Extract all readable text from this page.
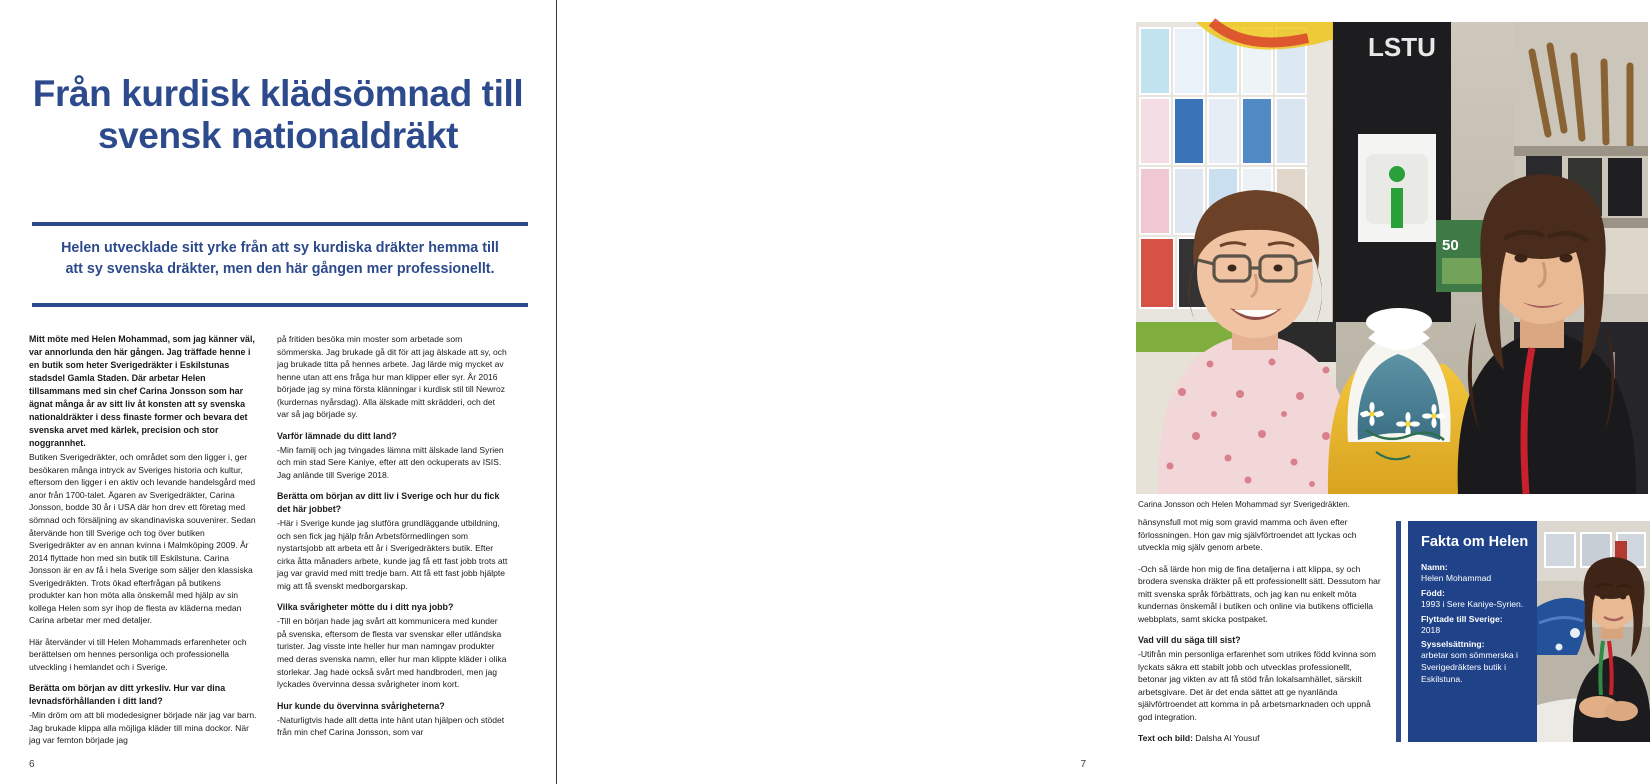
Från kurdisk klädsömnad till svensk nationaldräkt
Helen utvecklade sitt yrke från att sy kurdiska dräkter hemma till att sy svenska dräkter, men den här gången mer professionellt.

Mitt möte med Helen Mohammad, som jag känner väl, var annorlunda den här gången. Jag träffade henne i en butik som heter Sverigedräkter i Eskilstunas stadsdel Gamla Staden. Där arbetar Helen tillsammans med sin chef Carina Jonsson som har ägnat många år av sitt liv åt konsten att sy svenska nationaldräkter i dess finaste former och bevara det svenska arvet med kärlek, precision och stor noggrannhet.

Butiken Sverigedräkter, och området som den ligger i, ger besökaren många intryck av Sveriges historia och kultur, eftersom den ligger i en aktiv och levande handelsgård med anor från 1700-talet. Ägaren av Sverigedräkter, Carina Jonsson, bodde 30 år i USA där hon drev ett företag med sömnad och försäljning av skandinaviska souvenirer. Sedan återvände hon till Sverige och tog över butiken Sverigedräkter av en annan kvinna i Malmköping 2009. År 2014 flyttade hon med sin butik till Eskilstuna. Carina Jonsson är en av få i hela Sverige som säljer den klassiska Sverigedräkten. Trots ökad efterfrågan på butikens produkter kan hon möta alla önskemål med hjälp av sin kollega Helen som syr ihop de flesta av kläderna medan Carina arbetar mer med detaljer.

Här återvänder vi till Helen Mohammads erfarenheter och berättelsen om hennes personliga och professionella utveckling i hemlandet och i Sverige.

Berätta om början av ditt yrkesliv. Hur var dina levnadsförhållanden i ditt land?

-Min dröm om att bli modedesigner började när jag var barn. Jag brukade klippa alla möjliga kläder till mina dockor. När jag var femton började jag

på fritiden besöka min moster som arbetade som sömmerska. Jag brukade gå dit för att jag älskade att sy, och jag brukade titta på hennes arbete. Jag lärde mig mycket av henne utan att ens fråga hur man klipper eller syr. År 2016 började jag sy mina första klänningar i kurdisk stil till Newroz (kurdernas nyårsdag). Alla älskade mitt skrädderi, och det var så jag började sy.

Varför lämnade du ditt land?

-Min familj och jag tvingades lämna mitt älskade land Syrien och min stad Sere Kaniye, efter att den ockuperats av ISIS. Jag anlände till Sverige 2018.

Berätta om början av ditt liv i Sverige och hur du fick det här jobbet?

-Här i Sverige kunde jag slutföra grundläggande utbildning, och sen fick jag hjälp från Arbetsförmedlingen som nystartsjobb att arbeta ett år i Sverigedräkters butik. Efter cirka åtta månaders arbete, kunde jag få ett fast jobb trots att jag var gravid med mitt tredje barn. Att få ett fast jobb hjälpte mig att få svenskt medborgarskap.

Vilka svårigheter mötte du i ditt nya jobb?

-Till en början hade jag svårt att kommunicera med kunder på svenska, eftersom de flesta var svenskar eller utländska turister. Jag visste inte heller hur man namngav produkter med deras svenska namn, eller hur man klippte kläder i olika storlekar. Jag hade också svårt med handbroderi, men jag lyckades övervinna dessa svårigheter inom kort.

Hur kunde du övervinna svårigheterna?

-Naturligtvis hade allt detta inte hänt utan hjälpen och stödet från min chef Carina Jonsson, som var

6
LSTU
50
Carina Jonsson och Helen Mohammad syr Sverigedräkten.

hänsynsfull mot mig som gravid mamma och även efter förlossningen. Hon gav mig självförtroendet att lyckas och utveckla mig själv genom arbete.

-Och så lärde hon mig de fina detaljerna i att klippa, sy och brodera svenska dräkter på ett professionellt sätt. Dessutom har mitt svenska språk förbättrats, och jag kan nu enkelt möta kundernas önskemål i butiken och online via butikens officiella webbplats, samt skicka postpaket.

Vad vill du säga till sist?

-Utifrån min personliga erfarenhet som utrikes född kvinna som lyckats säkra ett stabilt jobb och utvecklas professionellt, betonar jag vikten av att få stöd från lokalsamhället, särskilt arbetsgivare. Det är det enda sättet att ge nyanlända självförtroendet att komma in på arbetsmarknaden och uppnå god integration.

Text och bild: Dalsha Al Yousuf

Fakta om Helen
Namn:
Helen Mohammad
Född:
1993 i Sere Kaniye-Syrien.
Flyttade till Sverige:
2018
Sysselsättning:
arbetar som sömmerska i Sverigedräkters butik i Eskilstuna.
7
